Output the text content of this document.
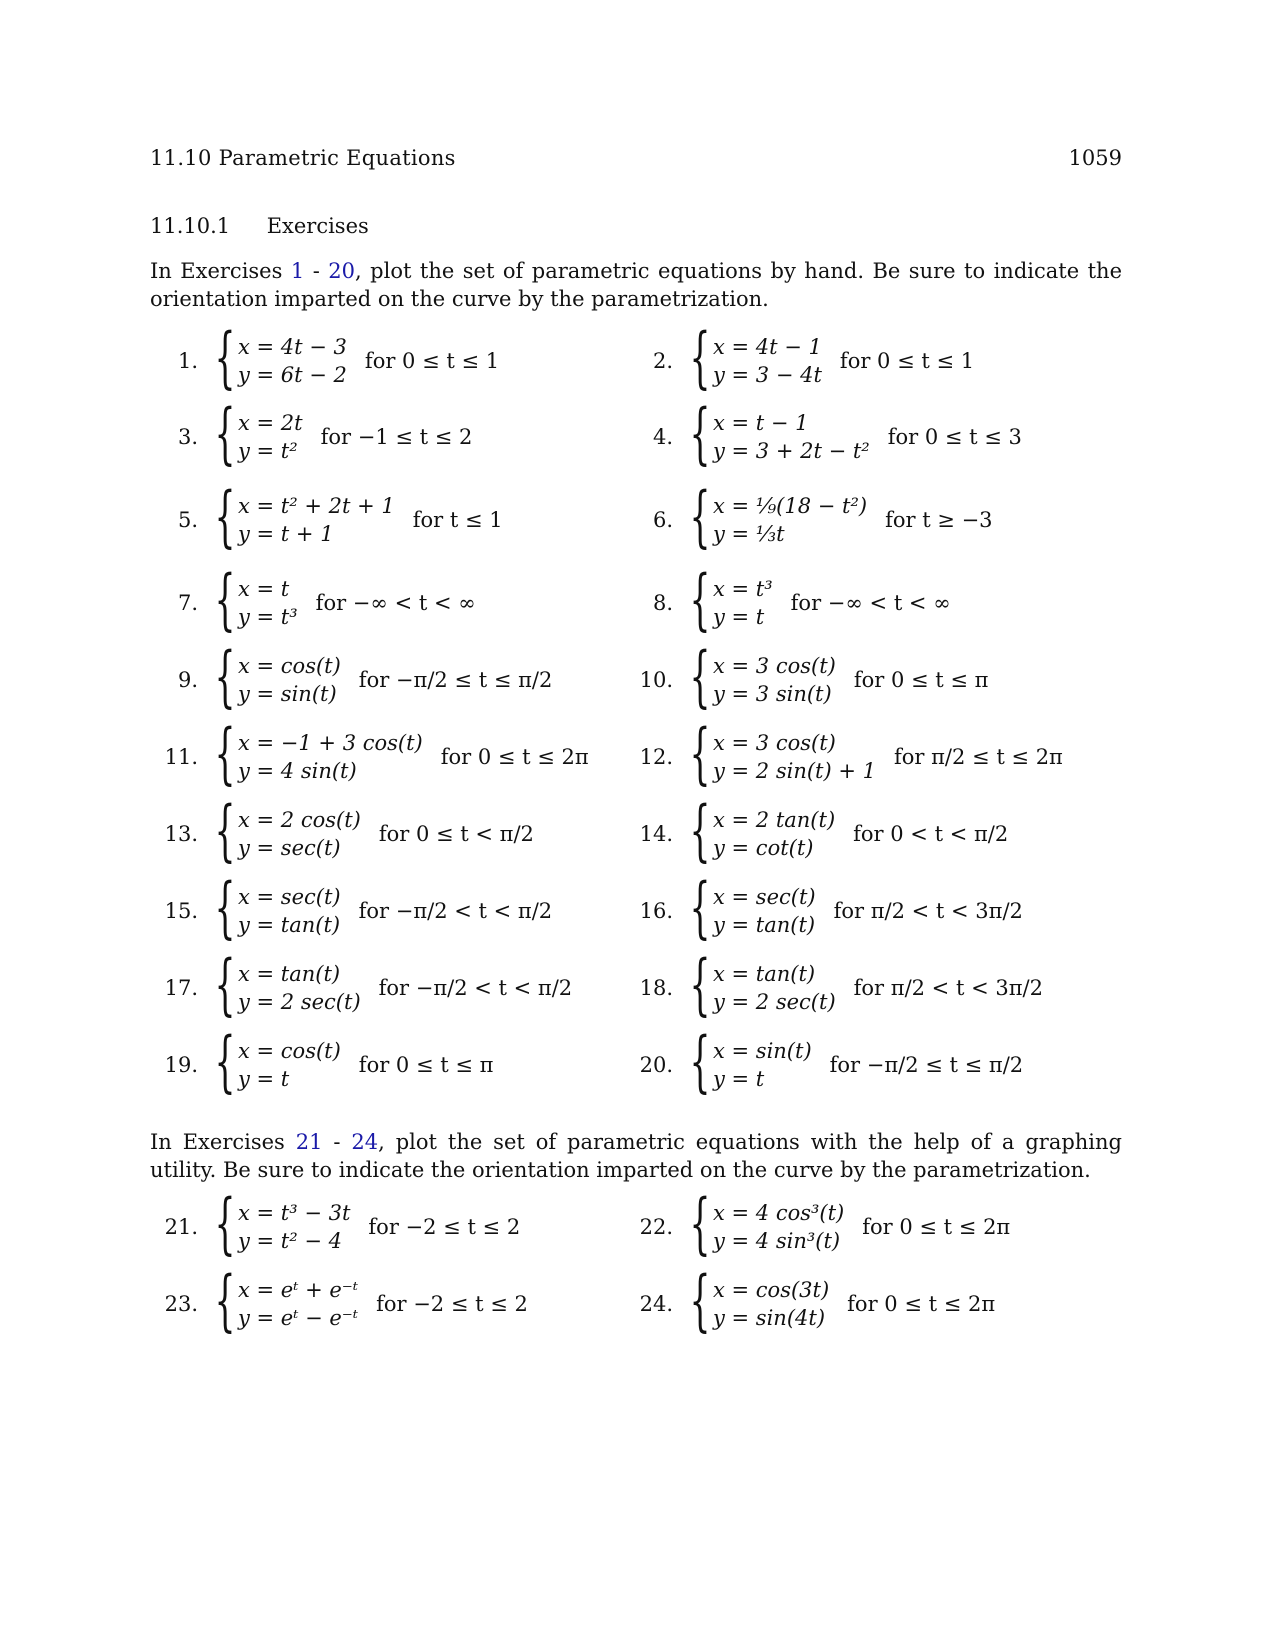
11.10 Parametric Equations	1059
11.10.1 Exercises
In Exercises 1 - 20, plot the set of parametric equations by hand. Be sure to indicate the orientation imparted on the curve by the parametrization.
1. { x = 4t − 3
y = 6t − 2
for 0 ≤ t ≤ 1	2. { x = 4t − 1
y = 3 − 4t
for 0 ≤ t ≤ 1
3. { x = 2t
y = t²
for −1 ≤ t ≤ 2	4. { x = t − 1
y = 3 + 2t − t²
for 0 ≤ t ≤ 3
5. { x = t² + 2t + 1
y = t + 1
for t ≤ 1	6. { x = ⅑(18 − t²)
y = ⅓t
for t ≥ −3
7. { x = t
y = t³
for −∞ < t < ∞	8. { x = t³
y = t
for −∞ < t < ∞
9. { x = cos(t)
y = sin(t)
for −π/2 ≤ t ≤ π/2	10. { x = 3 cos(t)
y = 3 sin(t)
for 0 ≤ t ≤ π
11. { x = −1 + 3 cos(t)
y = 4 sin(t)
for 0 ≤ t ≤ 2π	12. { x = 3 cos(t)
y = 2 sin(t) + 1
for π/2 ≤ t ≤ 2π
13. { x = 2 cos(t)
y = sec(t)
for 0 ≤ t < π/2	14. { x = 2 tan(t)
y = cot(t)
for 0 < t < π/2
15. { x = sec(t)
y = tan(t)
for −π/2 < t < π/2	16. { x = sec(t)
y = tan(t)
for π/2 < t < 3π/2
17. { x = tan(t)
y = 2 sec(t)
for −π/2 < t < π/2	18. { x = tan(t)
y = 2 sec(t)
for π/2 < t < 3π/2
19. { x = cos(t)
y = t
for 0 ≤ t ≤ π	20. { x = sin(t)
y = t
for −π/2 ≤ t ≤ π/2
In Exercises 21 - 24, plot the set of parametric equations with the help of a graphing utility. Be sure to indicate the orientation imparted on the curve by the parametrization.
21. { x = t³ − 3t
y = t² − 4
for −2 ≤ t ≤ 2	22. { x = 4 cos³(t)
y = 4 sin³(t)
for 0 ≤ t ≤ 2π
23. { x = eᵗ + e⁻ᵗ
y = eᵗ − e⁻ᵗ
for −2 ≤ t ≤ 2	24. { x = cos(3t)
y = sin(4t)
for 0 ≤ t ≤ 2π
